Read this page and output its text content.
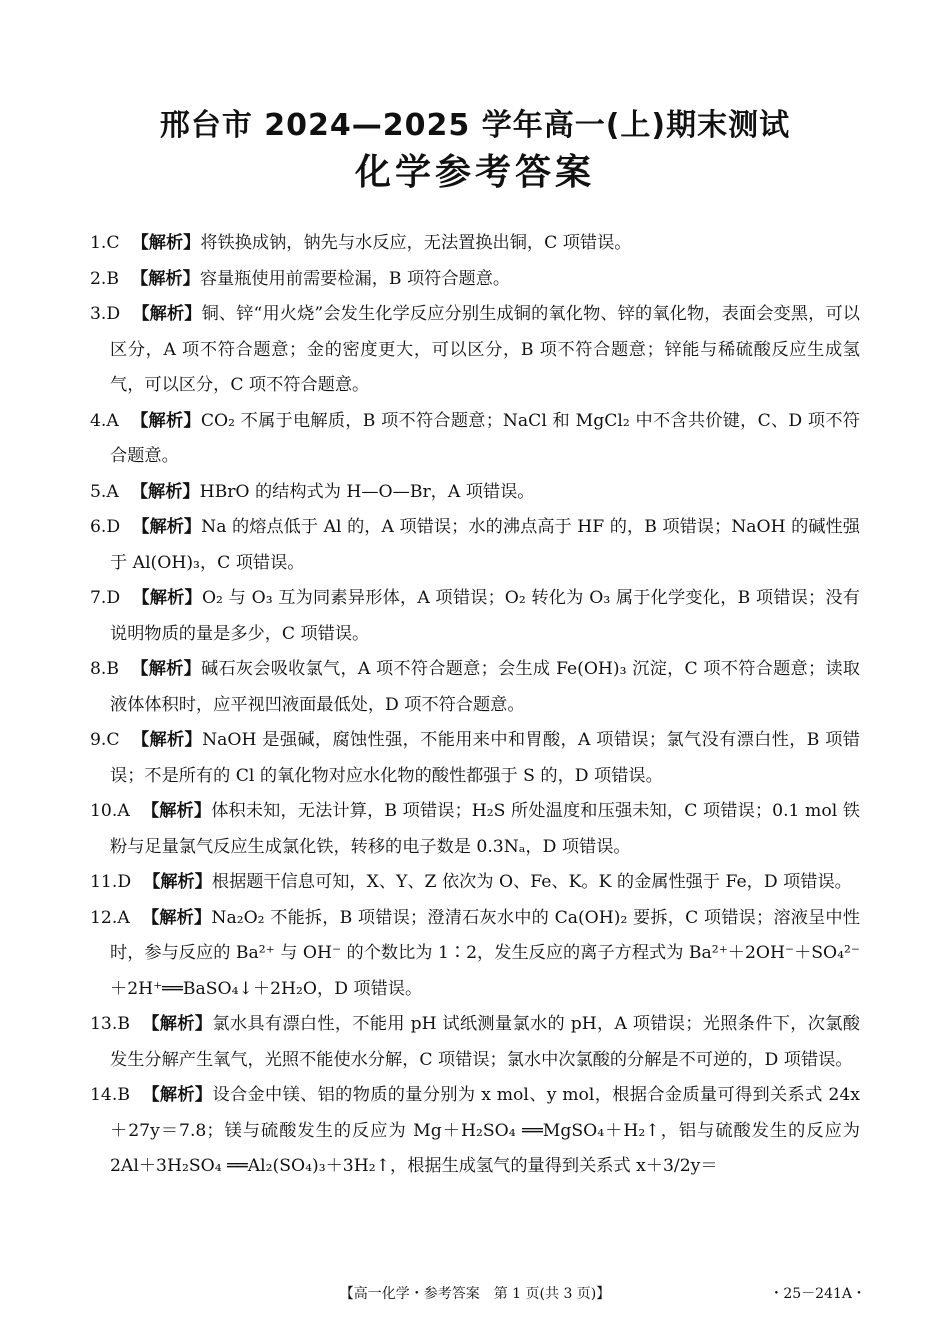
邢台市 2024—2025 学年高一(上)期末测试
化学参考答案
1.C 【解析】将铁换成钠，钠先与水反应，无法置换出铜，C 项错误。
2.B 【解析】容量瓶使用前需要检漏，B 项符合题意。
3.D 【解析】铜、锌“用火烧”会发生化学反应分别生成铜的氧化物、锌的氧化物，表面会变黑，可以区分，A 项不符合题意；金的密度更大，可以区分，B 项不符合题意；锌能与稀硫酸反应生成氢气，可以区分，C 项不符合题意。
4.A 【解析】CO₂ 不属于电解质，B 项不符合题意；NaCl 和 MgCl₂ 中不含共价键，C、D 项不符合题意。
5.A 【解析】HBrO 的结构式为 H—O—Br，A 项错误。
6.D 【解析】Na 的熔点低于 Al 的，A 项错误；水的沸点高于 HF 的，B 项错误；NaOH 的碱性强于 Al(OH)₃，C 项错误。
7.D 【解析】O₂ 与 O₃ 互为同素异形体，A 项错误；O₂ 转化为 O₃ 属于化学变化，B 项错误；没有说明物质的量是多少，C 项错误。
8.B 【解析】碱石灰会吸收氯气，A 项不符合题意；会生成 Fe(OH)₃ 沉淀，C 项不符合题意；读取液体体积时，应平视凹液面最低处，D 项不符合题意。
9.C 【解析】NaOH 是强碱，腐蚀性强，不能用来中和胃酸，A 项错误；氯气没有漂白性，B 项错误；不是所有的 Cl 的氧化物对应水化物的酸性都强于 S 的，D 项错误。
10.A 【解析】体积未知，无法计算，B 项错误；H₂S 所处温度和压强未知，C 项错误；0.1 mol 铁粉与足量氯气反应生成氯化铁，转移的电子数是 0.3Nₐ，D 项错误。
11.D 【解析】根据题干信息可知，X、Y、Z 依次为 O、Fe、K。K 的金属性强于 Fe，D 项错误。
12.A 【解析】Na₂O₂ 不能拆，B 项错误；澄清石灰水中的 Ca(OH)₂ 要拆，C 项错误；溶液呈中性时，参与反应的 Ba²⁺ 与 OH⁻ 的个数比为 1∶2，发生反应的离子方程式为 Ba²⁺＋2OH⁻＋SO₄²⁻＋2H⁺══BaSO₄↓＋2H₂O，D 项错误。
13.B 【解析】氯水具有漂白性，不能用 pH 试纸测量氯水的 pH，A 项错误；光照条件下，次氯酸发生分解产生氧气，光照不能使水分解，C 项错误；氯水中次氯酸的分解是不可逆的，D 项错误。
14.B 【解析】设合金中镁、铝的物质的量分别为 x mol、y mol，根据合金质量可得到关系式 24x＋27y＝7.8；镁与硫酸发生的反应为 Mg＋H₂SO₄ ══MgSO₄＋H₂↑，铝与硫酸发生的反应为 2Al＋3H₂SO₄ ══Al₂(SO₄)₃＋3H₂↑，根据生成氢气的量得到关系式 x＋3/2y＝
【高一化学・参考答案　第 1 页(共 3 页)】	・25－241A・
